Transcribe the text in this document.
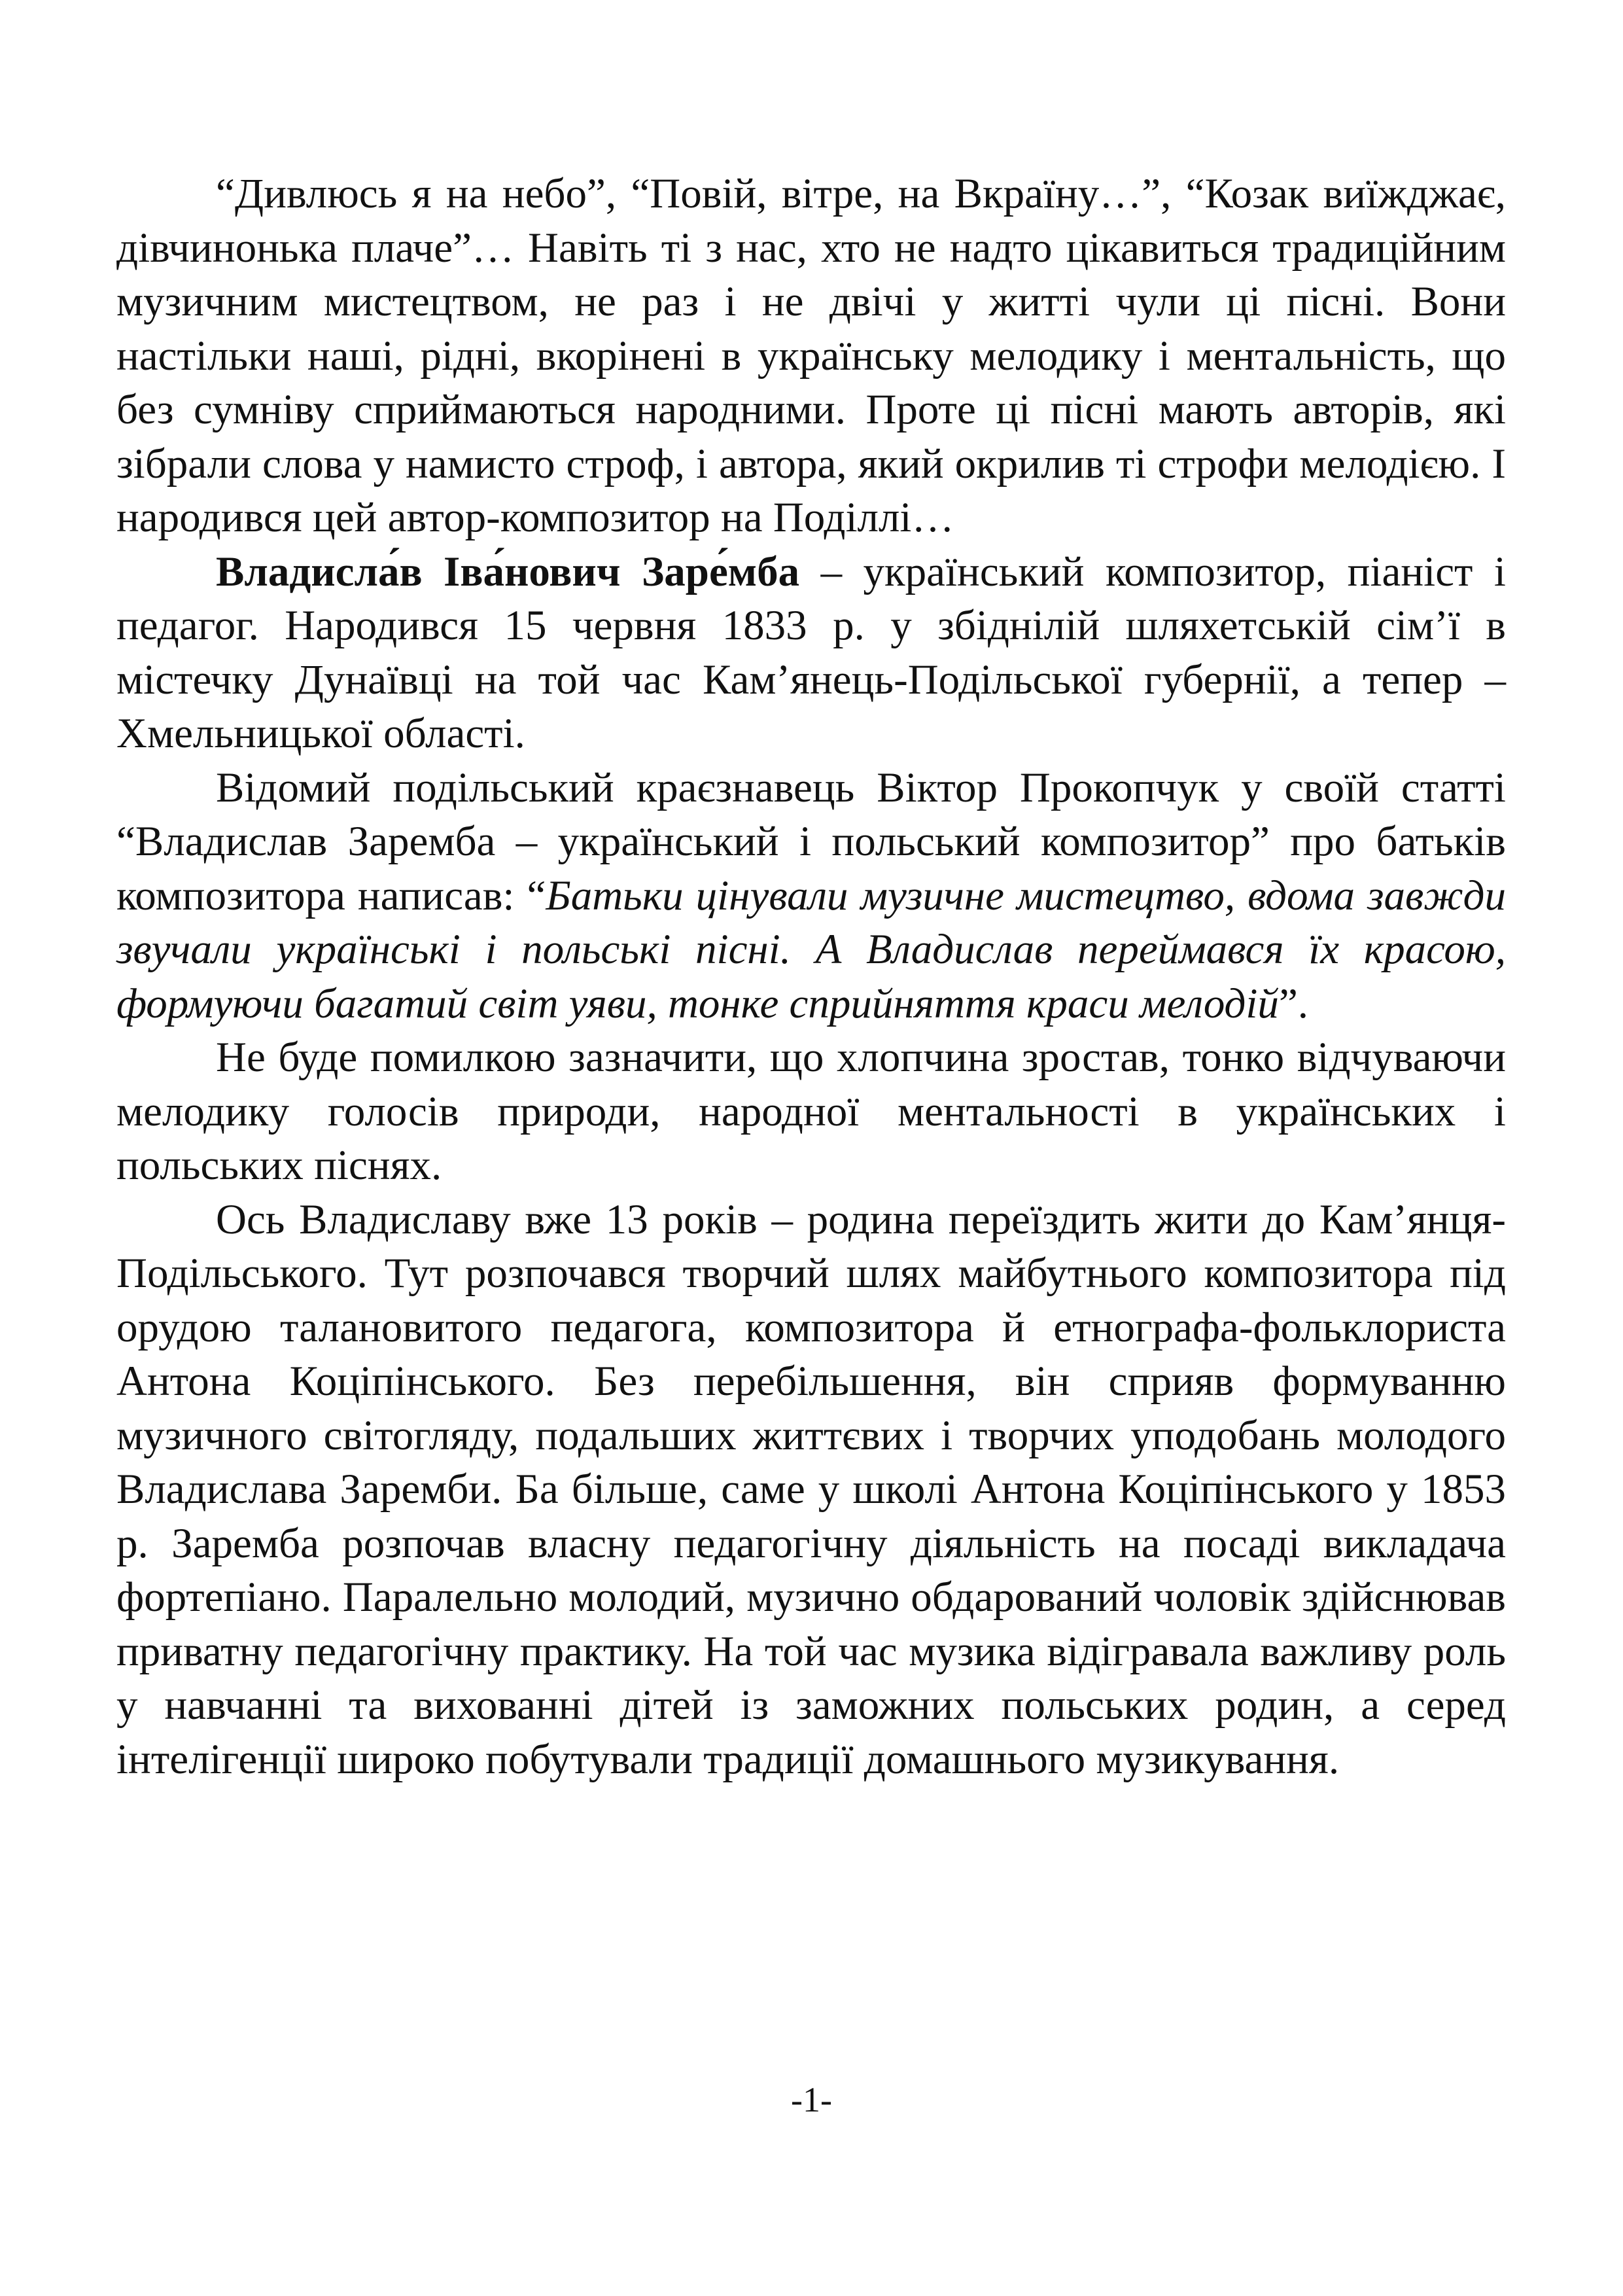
“Дивлюсь я на небо”, “Повій, вітре, на Вкраїну…”, “Козак виїжджає, дівчинонька плаче”… Навіть ті з нас, хто не надто цікавиться традиційним музичним мистецтвом, не раз і не двічі у житті чули ці пісні. Вони настільки наші, рідні, вкорінені в українську мелодику і ментальність, що без сумніву сприймаються народними. Проте ці пісні мають авторів, які зібрали слова у намисто строф, і автора, який окрилив ті строфи мелодією. І народився цей автор-композитор на Поділлі…

Владисла́в Іва́нович Заре́мба – український композитор, піаніст і педагог. Народився 15 червня 1833 р. у збіднілій шляхетській сім’ї в містечку Дунаївці на той час Кам’янець-Подільської губернії, а тепер – Хмельницької області.

Відомий подільський краєзнавець Віктор Прокопчук у своїй статті “Владислав Заремба – український і польський композитор” про батьків композитора написав: “Батьки цінували музичне мистецтво, вдома завжди звучали українські і польські пісні. А Владислав переймався їх красою, формуючи багатий світ уяви, тонке сприйняття краси мелодій”.

Не буде помилкою зазначити, що хлопчина зростав, тонко відчуваючи мелодику голосів природи, народної ментальності в українських і польських піснях.

Ось Владиславу вже 13 років – родина переїздить жити до Кам’янця-Подільського. Тут розпочався творчий шлях майбутнього композитора під орудою талановитого педагога, композитора й етнографа-фольклориста Антона Коціпінського. Без перебільшення, він сприяв формуванню музичного світогляду, подальших життєвих і творчих уподобань молодого Владислава Заремби. Ба більше, саме у школі Антона Коціпінського у 1853 р. Заремба розпочав власну педагогічну діяльність на посаді викладача фортепіано. Паралельно молодий, музично обдарований чоловік здійснював приватну педагогічну практику. На той час музика відігравала важливу роль у навчанні та вихованні дітей із заможних польських родин, а серед інтелігенції широко побутували традиції домашнього музикування.

-1-
